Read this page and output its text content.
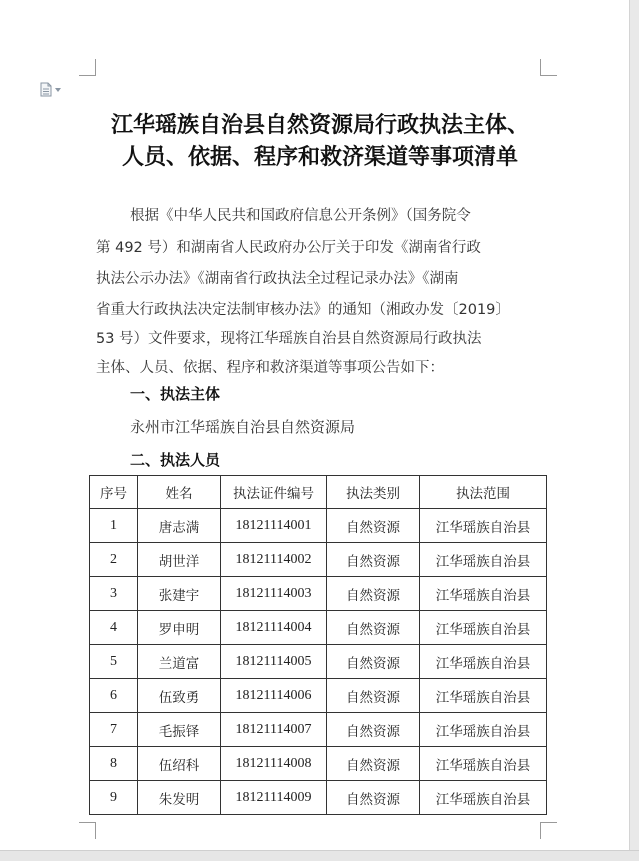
江华瑶族自治县自然资源局行政执法主体、
人员、依据、程序和救济渠道等事项清单
根据《中华人民共和国政府信息公开条例》（国务院令
第 492 号）和湖南省人民政府办公厅关于印发《湖南省行政
执法公示办法》《湖南省行政执法全过程记录办法》《湖南
省重大行政执法决定法制审核办法》的通知（湘政办发〔2019〕
53 号）文件要求，现将江华瑶族自治县自然资源局行政执法
主体、人员、依据、程序和救济渠道等事项公告如下：
一、执法主体
永州市江华瑶族自治县自然资源局
二、执法人员
序号	姓名	执法证件编号	执法类别	执法范围
1	唐志满	18121114001	自然资源	江华瑶族自治县
2	胡世洋	18121114002	自然资源	江华瑶族自治县
3	张建宇	18121114003	自然资源	江华瑶族自治县
4	罗申明	18121114004	自然资源	江华瑶族自治县
5	兰道富	18121114005	自然资源	江华瑶族自治县
6	伍致勇	18121114006	自然资源	江华瑶族自治县
7	毛振铎	18121114007	自然资源	江华瑶族自治县
8	伍绍科	18121114008	自然资源	江华瑶族自治县
9	朱发明	18121114009	自然资源	江华瑶族自治县
